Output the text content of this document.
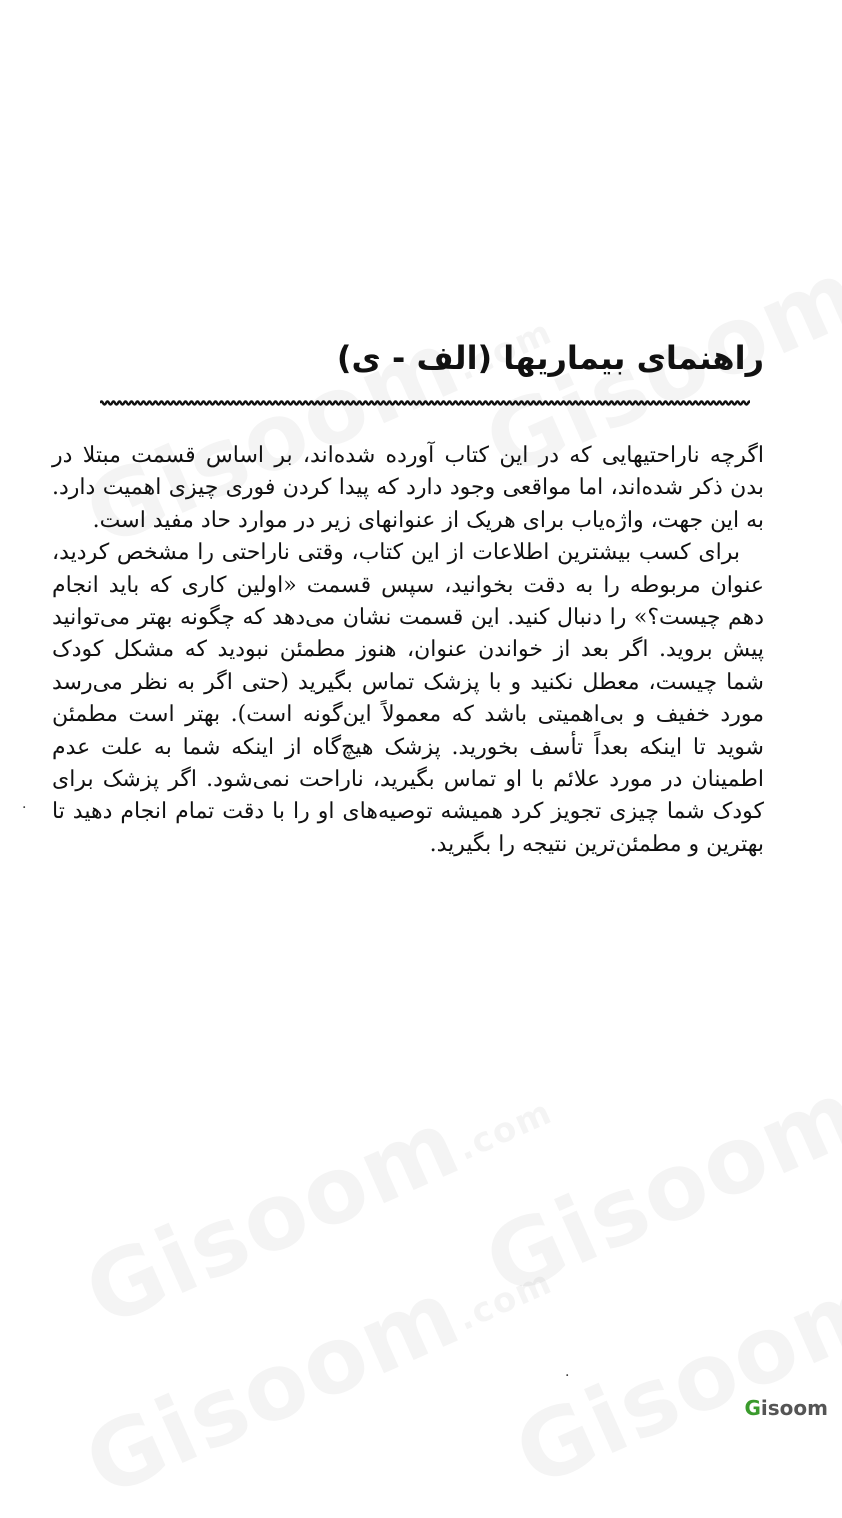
راهنمای بیماریها (الف - ی)

اگرچه ناراحتیهایی که در این کتاب آورده شده‌اند، بر اساس قسمت مبتلا در بدن ذکر شده‌اند، اما مواقعی وجود دارد که پیدا کردن فوری چیزی اهمیت دارد. به این جهت، واژه‌یاب برای هریک از عنوانهای زیر در موارد حاد مفید است.

برای کسب بیشترین اطلاعات از این کتاب، وقتی ناراحتی را مشخص کردید، عنوان مربوطه را به دقت بخوانید، سپس قسمت «اولین کاری که باید انجام دهم چیست؟» را دنبال کنید. این قسمت نشان می‌دهد که چگونه بهتر می‌توانید پیش بروید. اگر بعد از خواندن عنوان، هنوز مطمئن نبودید که مشکل کودک شما چیست، معطل نکنید و با پزشک تماس بگیرید (حتی اگر به نظر می‌رسد مورد خفیف و بی‌اهمیتی باشد که معمولاً این‌گونه است). بهتر است مطمئن شوید تا اینکه بعداً تأسف بخورید. پزشک هیچ‌گاه از اینکه شما به علت عدم اطمینان در مورد علائم با او تماس بگیرید، ناراحت نمی‌شود. اگر پزشک برای کودک شما چیزی تجویز کرد همیشه توصیه‌های او را با دقت تمام انجام دهید تا بهترین و مطمئن‌ترین نتیجه را بگیرید.

·
·
Gisoom
